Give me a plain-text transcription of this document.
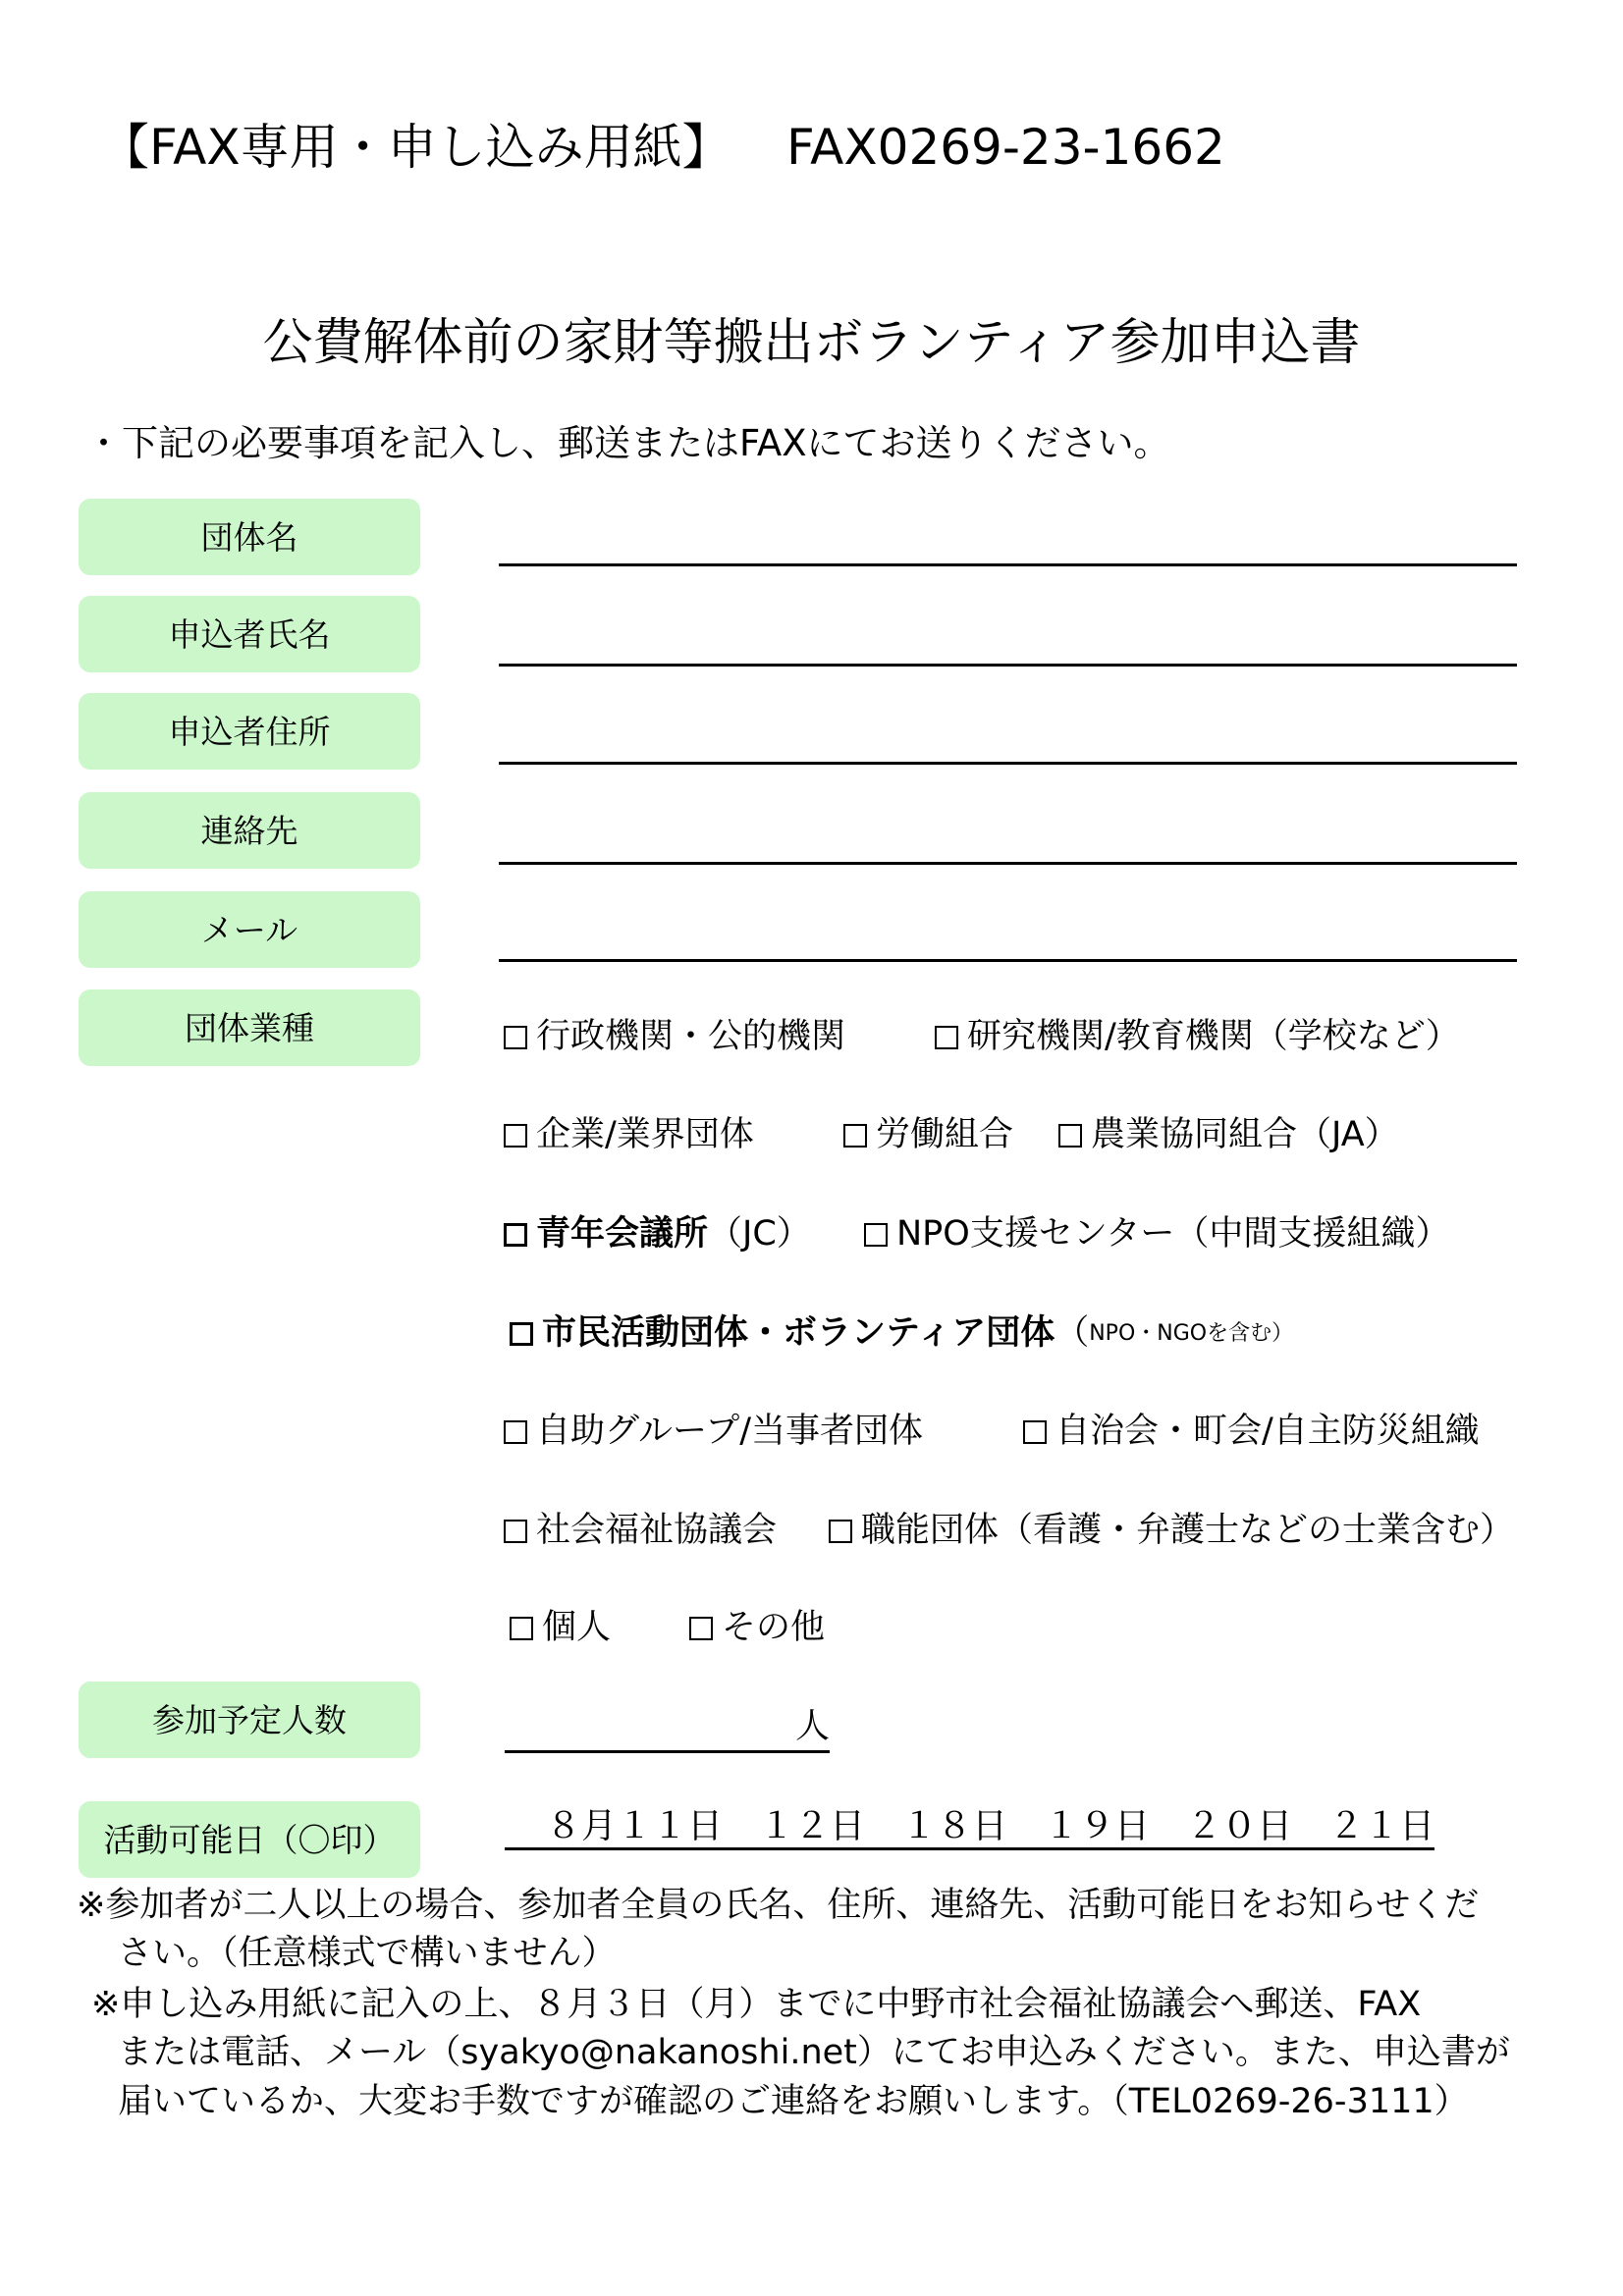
【FAX専用・申し込み用紙】 FAX0269-23-1662
公費解体前の家財等搬出ボランティア参加申込書
・下記の必要事項を記入し、郵送またはFAXにてお送りください。
団体名
申込者氏名
申込者住所
連絡先
メール
団体業種	行政機関・公的機関	研究機関/教育機関（学校など）
企業/業界団体	労働組合 農業協同組合（JA）
青年会議所 （JC） NPO支援センター（中間支援組織）
市民活動団体・ボランティア団体 （ NPO・NGOを含む）
自助グループ/当事者団体	自治会・町会/自主防災組織
社会福祉協議会 職能団体（看護・弁護士などの士業含む）
個人	その他
参加予定人数	人
活動可能日（〇印）	８月１１日 １２日 １８日 １９日 ２０日 ２１日
※参加者が二人以上の場合、参加者全員の氏名、住所、連絡先、活動可能日をお知らせくだ
さい。（任意様式で構いません）
※申し込み用紙に記入の上、８月３日（月）までに中野市社会福祉協議会へ郵送、FAX
または電話、メール（syakyo@nakanoshi.net）にてお申込みください。また、申込書が
届いているか、大変お手数ですが確認のご連絡をお願いします。（TEL0269-26-3111）
